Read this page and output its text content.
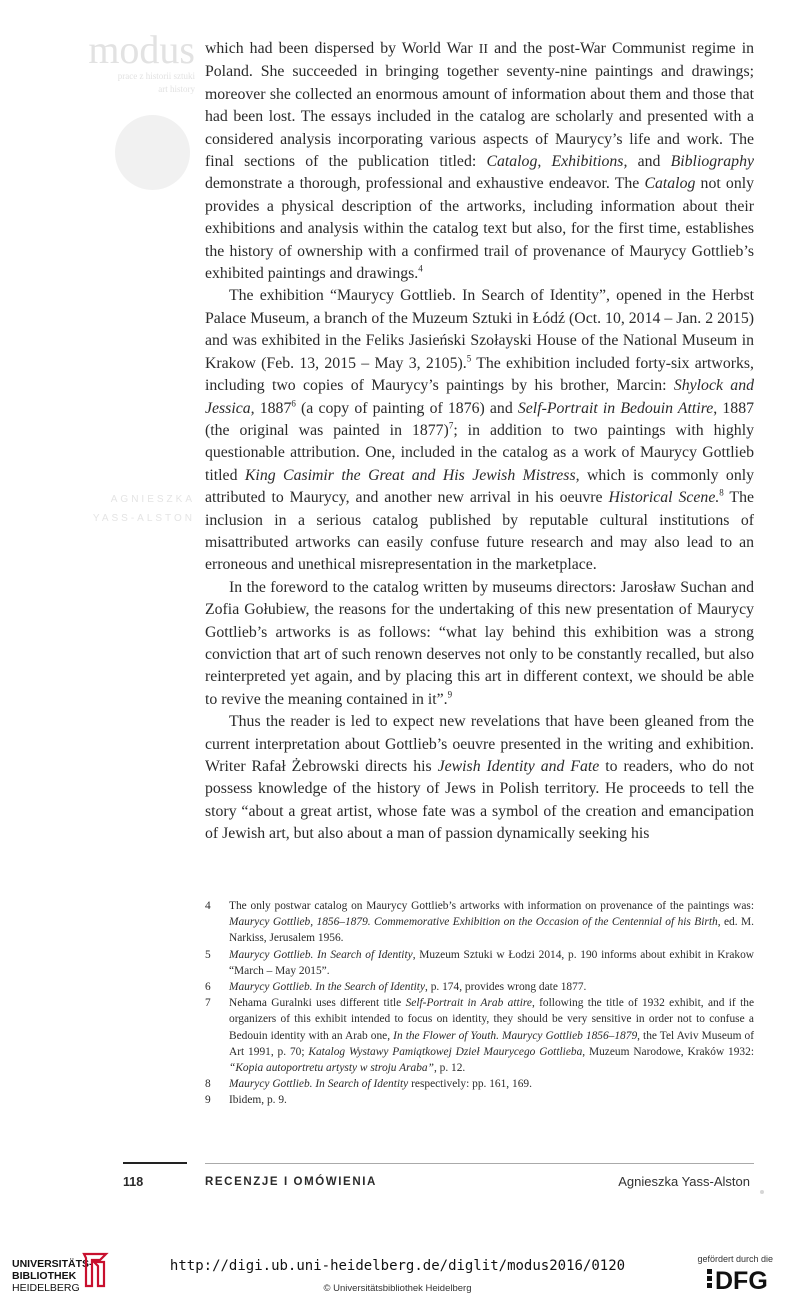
modus
prace z historii sztuki
art history
AGNIESZKA
YASS-ALSTON

which had been dispersed by World War II and the post-War Communist regime in Poland. She succeeded in bringing together seventy-nine paintings and drawings; moreover she collected an enormous amount of information about them and those that had been lost. The essays included in the catalog are scholarly and presented with a considered analysis incorporating various aspects of Maurycy’s life and work. The final sections of the publication titled: Catalog, Exhibitions, and Bibliography demonstrate a thorough, professional and exhaustive endeavor. The Catalog not only provides a physical description of the artworks, including information about their exhibitions and analysis within the catalog text but also, for the first time, establishes the history of ownership with a confirmed trail of provenance of Maurycy Gottlieb’s exhibited paintings and drawings.$^4$

The exhibition “Maurycy Gottlieb. In Search of Identity”, opened in the Herbst Palace Museum, a branch of the Muzeum Sztuki in Łódź (Oct. 10, 2014 – Jan. 2 2015) and was exhibited in the Feliks Jasieński Szołayski House of the National Museum in Krakow (Feb. 13, 2015 – May 3, 2105).$^5$ The exhibition included forty-six artworks, including two copies of Maurycy’s paintings by his brother, Marcin: Shylock and Jessica, 1887$^6$ (a copy of painting of 1876) and Self-Portrait in Bedouin Attire, 1887 (the original was painted in 1877)$^7$; in addition to two paintings with highly questionable attribution. One, included in the catalog as a work of Maurycy Gottlieb titled King Casimir the Great and His Jewish Mistress, which is commonly only attributed to Maurycy, and another new arrival in his oeuvre Historical Scene.$^8$ The inclusion in a serious catalog published by reputable cultural institutions of misattributed artworks can easily confuse future research and may also lead to an erroneous and unethical misrepresentation in the marketplace.

In the foreword to the catalog written by museums directors: Jarosław Suchan and Zofia Gołubiew, the reasons for the undertaking of this new presentation of Maurycy Gottlieb’s artworks is as follows: “what lay behind this exhibition was a strong conviction that art of such renown deserves not only to be constantly recalled, but also reinterpreted yet again, and by placing this art in different context, we should be able to revive the meaning contained in it”.$^9$

Thus the reader is led to expect new revelations that have been gleaned from the current interpretation about Gottlieb’s oeuvre presented in the writing and exhibition. Writer Rafał Żebrowski directs his Jewish Identity and Fate to readers, who do not possess knowledge of the history of Jews in Polish territory. He proceeds to tell the story “about a great artist, whose fate was a symbol of the creation and emancipation of Jewish art, but also about a man of passion dynamically seeking his

4 The only postwar catalog on Maurycy Gottlieb’s artworks with information on provenance of the paintings was: Maurycy Gottlieb, 1856–1879. Commemorative Exhibition on the Occasion of the Centennial of his Birth, ed. M. Narkiss, Jerusalem 1956.
5 Maurycy Gottlieb. In Search of Identity, Muzeum Sztuki w Łodzi 2014, p. 190 informs about exhibit in Krakow “March – May 2015”.
6 Maurycy Gottlieb. In the Search of Identity, p. 174, provides wrong date 1877.
7 Nehama Guralnki uses different title Self-Portrait in Arab attire, following the title of 1932 exhibit, and if the organizers of this exhibit intended to focus on identity, they should be very sensitive in order not to confuse a Bedouin identity with an Arab one, In the Flower of Youth. Maurycy Gottlieb 1856–1879, the Tel Aviv Museum of Art 1991, p. 70; Katalog Wystawy Pamiątkowej Dzieł Maurycego Gottlieba, Muzeum Narodowe, Kraków 1932: “Kopia autoportretu artysty w stroju Araba”, p. 12.
8 Maurycy Gottlieb. In Search of Identity respectively: pp. 161, 169.
9 Ibidem, p. 9.
118	RECENZJE I OMÓWIENIA	Agnieszka Yass-Alston
UNIVERSITÄTS-
BIBLIOTHEK
HEIDELBERG
http://digi.ub.uni-heidelberg.de/diglit/modus2016/0120
© Universitätsbibliothek Heidelberg
gefördert durch die
DFG
